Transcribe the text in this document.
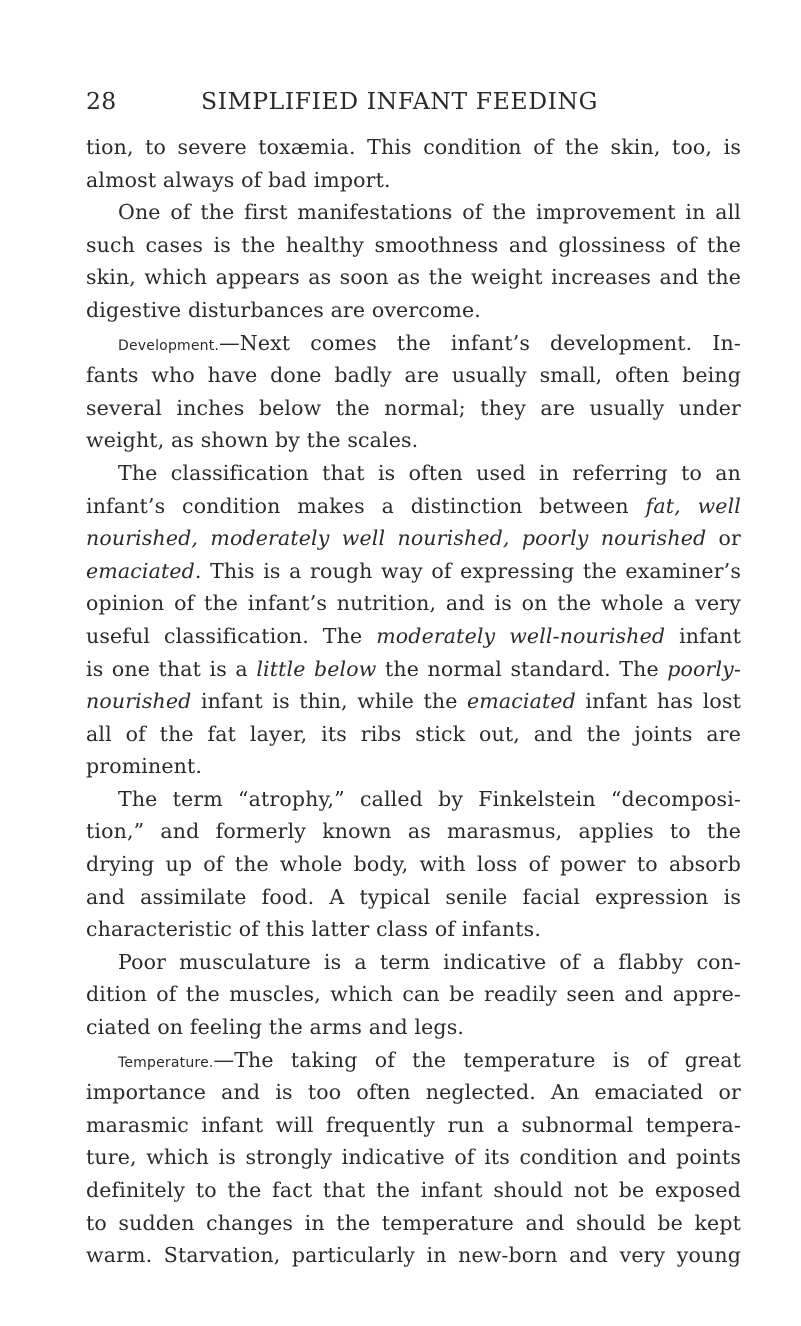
28	SIMPLIFIED INFANT FEEDING
tion, to severe toxæmia. This condition of the skin, too, is
almost always of bad import.
One of the first manifestations of the improvement in all
such cases is the healthy smoothness and glossiness of the
skin, which appears as soon as the weight increases and the
digestive disturbances are overcome.
Development.—Next comes the infant’s development. In-
fants who have done badly are usually small, often being
several inches below the normal; they are usually under
weight, as shown by the scales.
The classification that is often used in referring to an
infant’s condition makes a distinction between fat, well
nourished, moderately well nourished, poorly nourished or
emaciated. This is a rough way of expressing the examiner’s
opinion of the infant’s nutrition, and is on the whole a very
useful classification. The moderately well-nourished infant
is one that is a little below the normal standard. The poorly-
nourished infant is thin, while the emaciated infant has lost
all of the fat layer, its ribs stick out, and the joints are
prominent.
The term “atrophy,” called by Finkelstein “decomposi-
tion,” and formerly known as marasmus, applies to the
drying up of the whole body, with loss of power to absorb
and assimilate food. A typical senile facial expression is
characteristic of this latter class of infants.
Poor musculature is a term indicative of a flabby con-
dition of the muscles, which can be readily seen and appre-
ciated on feeling the arms and legs.
Temperature.—The taking of the temperature is of great
importance and is too often neglected. An emaciated or
marasmic infant will frequently run a subnormal tempera-
ture, which is strongly indicative of its condition and points
definitely to the fact that the infant should not be exposed
to sudden changes in the temperature and should be kept
warm. Starvation, particularly in new-born and very young
